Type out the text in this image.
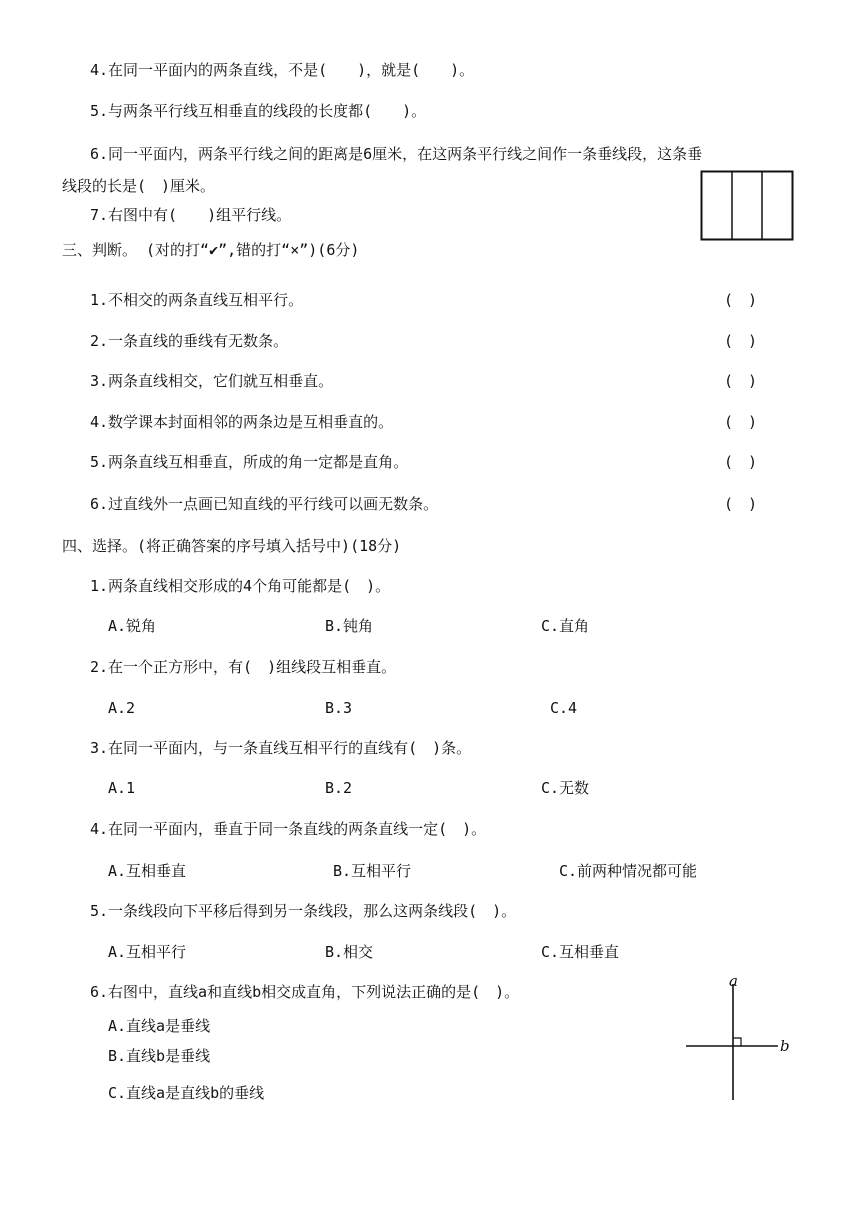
4.在同一平面内的两条直线，不是(　　)，就是(　　)。
5.与两条平行线互相垂直的线段的长度都(　　)。
6.同一平面内，两条平行线之间的距离是6厘米，在这两条平行线之间作一条垂线段，这条垂
线段的长是(　)厘米。
7.右图中有(　　)组平行线。
三、判断。 (对的打“✔”,错的打“×”)(6分)
1.不相交的两条直线互相平行。	(　)
2.一条直线的垂线有无数条。	(　)
3.两条直线相交，它们就互相垂直。	(　)
4.数学课本封面相邻的两条边是互相垂直的。	(　)
5.两条直线互相垂直，所成的角一定都是直角。	(　)
6.过直线外一点画已知直线的平行线可以画无数条。	(　)
四、选择。(将正确答案的序号填入括号中)(18分)
1.两条直线相交形成的4个角可能都是(　)。
A.锐角	B.钝角	C.直角
2.在一个正方形中，有(　)组线段互相垂直。
A.2	B.3	C.4
3.在同一平面内，与一条直线互相平行的直线有(　)条。
A.1	B.2	C.无数
4.在同一平面内，垂直于同一条直线的两条直线一定(　)。
A.互相垂直	B.互相平行	C.前两种情况都可能
5.一条线段向下平移后得到另一条线段，那么这两条线段(　)。
A.互相平行	B.相交	C.互相垂直
6.右图中，直线a和直线b相交成直角，下列说法正确的是(　)。
A.直线a是垂线
B.直线b是垂线
C.直线a是直线b的垂线
a
b
